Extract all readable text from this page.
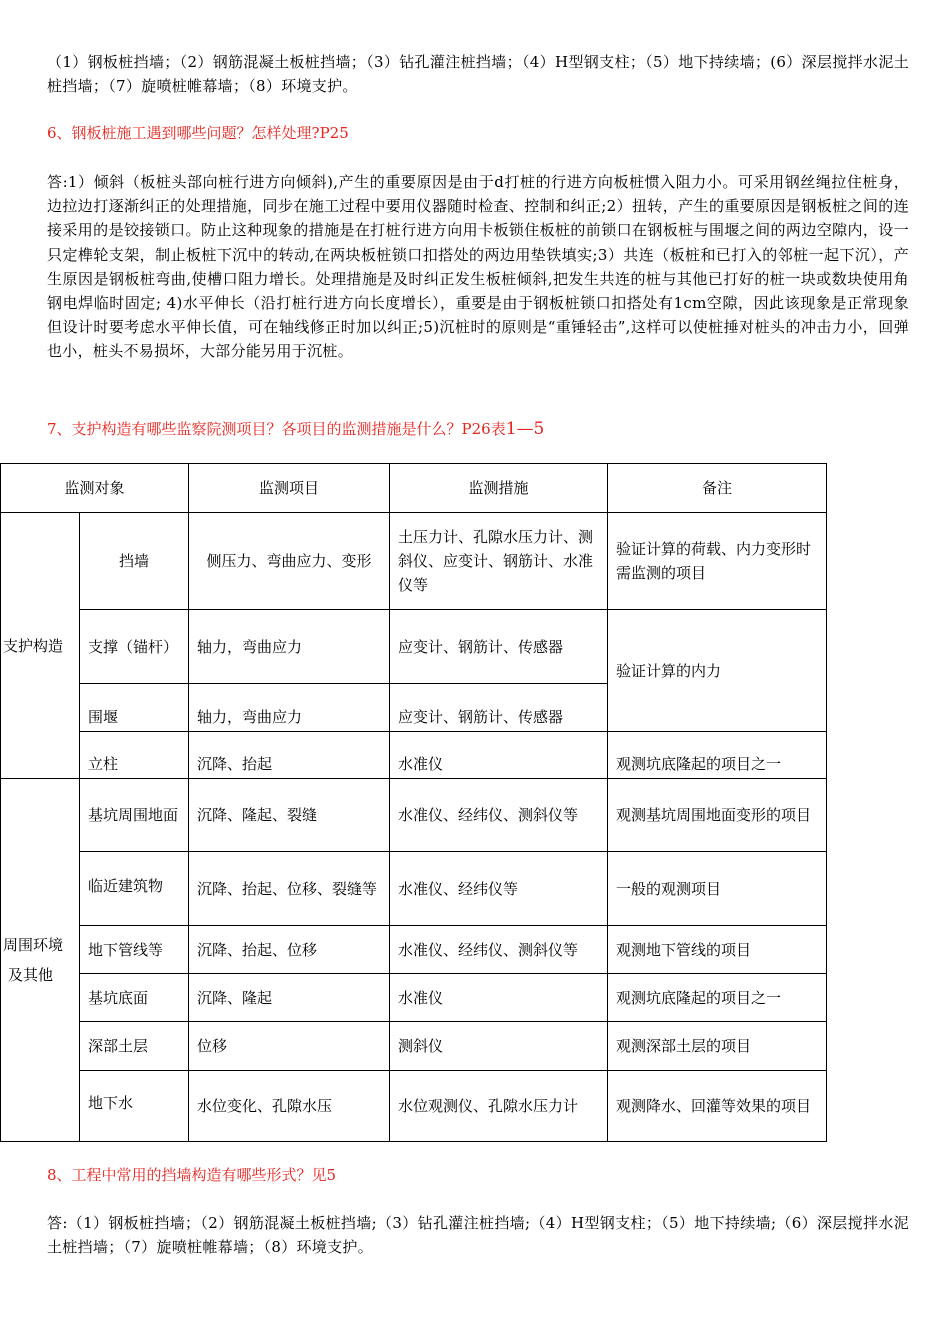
（1）钢板桩挡墙；（2）钢筋混凝土板桩挡墙；（3）钻孔灌注桩挡墙；（4）H型钢支柱；（5）地下持续墙；(6）深层搅拌水泥土桩挡墙；（7）旋喷桩帷幕墙；（8）环境支护。

6、钢板桩施工遇到哪些问题？怎样处理?P25

答:1）倾斜（板桩头部向桩行进方向倾斜),产生的重要原因是由于d打桩的行进方向板桩惯入阻力小。可采用钢丝绳拉住桩身，边拉边打逐渐纠正的处理措施，同步在施工过程中要用仪器随时检查、控制和纠正;2）扭转，产生的重要原因是钢板桩之间的连接采用的是铰接锁口。防止这种现象的措施是在打桩行进方向用卡板锁住板桩的前锁口在钢板桩与围堰之间的两边空隙内，设一只定榫轮支架，制止板桩下沉中的转动,在两块板桩锁口扣搭处的两边用垫铁填实;3）共连（板桩和已打入的邻桩一起下沉），产生原因是钢板桩弯曲,使槽口阻力增长。处理措施是及时纠正发生板桩倾斜,把发生共连的桩与其他已打好的桩一块或数块使用角钢电焊临时固定; 4)水平伸长（沿打桩行进方向长度增长），重要是由于钢板桩锁口扣搭处有1cm空隙，因此该现象是正常现象但设计时要考虑水平伸长值，可在轴线修正时加以纠正;5)沉桩时的原则是“重锤轻击”,这样可以使桩捶对桩头的冲击力小，回弹也小，桩头不易损坏，大部分能另用于沉桩。

7、支护构造有哪些监察院测项目？各项目的监测措施是什么？P26表1—5

监测对象		监测项目	监测措施	备注
支护构造	挡墙	侧压力、弯曲应力、变形	土压力计、孔隙水压力计、测斜仪、应变计、钢筋计、水准仪等	验证计算的荷载、内力变形时需监测的项目
	支撑（锚杆）	轴力，弯曲应力	应变计、钢筋计、传感器	验证计算的内力
	围堰	轴力，弯曲应力	应变计、钢筋计、传感器	
	立柱	沉降、抬起	水准仪	观测坑底隆起的项目之一

周围环境
及其他	基坑周围地面	沉降、隆起、裂缝	水准仪、经纬仪、测斜仪等	观测基坑周围地面变形的项目
	临近建筑物	沉降、抬起、位移、裂缝等	水准仪、经纬仪等	一般的观测项目
	地下管线等	沉降、抬起、位移	水准仪、经纬仪、测斜仪等	观测地下管线的项目
	基坑底面	沉降、隆起	水准仪	观测坑底隆起的项目之一
	深部土层	位移	测斜仪	观测深部土层的项目
	地下水	水位变化、孔隙水压	水位观测仪、孔隙水压力计	观测降水、回灌等效果的项目

8、工程中常用的挡墙构造有哪些形式？见5

答:（1）钢板桩挡墙；（2）钢筋混凝土板桩挡墙;（3）钻孔灌注桩挡墙;（4）H型钢支柱；（5）地下持续墙;（6）深层搅拌水泥土桩挡墙；（7）旋喷桩帷幕墙；（8）环境支护。
